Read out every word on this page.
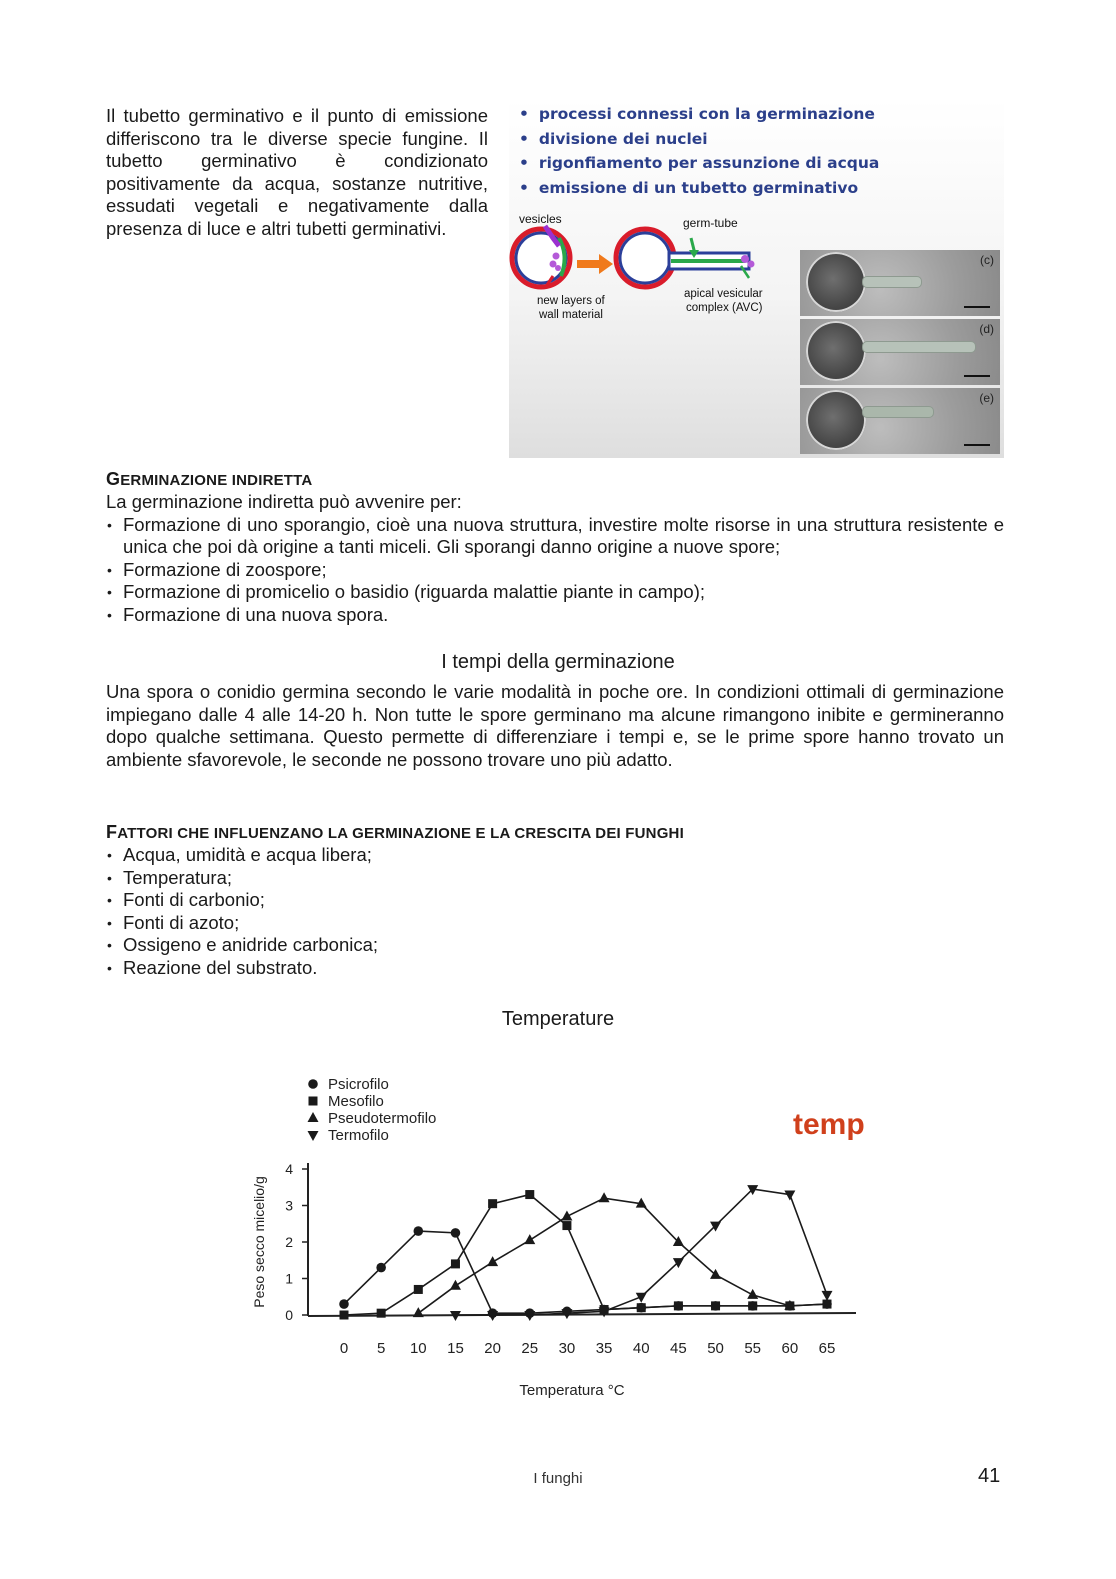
Il tubetto germinativo e il punto di emissione differiscono tra le diverse specie fungine. Il tubetto germinativo è condizionato positivamente da acqua, sostanze nutritive, essudati vegetali e negativamente dalla presenza di luce e altri tubetti germinativi.
• processi connessi con la germinazione
• divisione dei nuclei
• rigonfiamento per assunzione di acqua
• emissione di un tubetto germinativo
vesicles	germ-tube
new layers of
wall material
apical vesicular
complex (AVC)
(c)
(d)
(e)
GERMINAZIONE INDIRETTA
La germinazione indiretta può avvenire per:
• Formazione di uno sporangio, cioè una nuova struttura, investire molte risorse in una struttura resistente e unica che poi dà origine a tanti miceli. Gli sporangi danno origine a nuove spore;
• Formazione di zoospore;
• Formazione di promicelio o basidio (riguarda malattie piante in campo);
• Formazione di una nuova spora.
I tempi della germinazione
Una spora o conidio germina secondo le varie modalità in poche ore. In condizioni ottimali di germinazione impiegano dalle 4 alle 14-20 h. Non tutte le spore germinano ma alcune rimangono inibite e germineranno dopo qualche settimana. Questo permette di differenziare i tempi e, se le prime spore hanno trovato un ambiente sfavorevole, le seconde ne possono trovare uno più adatto.
FATTORI CHE INFLUENZANO LA GERMINAZIONE E LA CRESCITA DEI FUNGHI
• Acqua, umidità e acqua libera;
• Temperatura;
• Fonti di carbonio;
• Fonti di azoto;
• Ossigeno e anidride carbonica;
• Reazione del substrato.
Temperature
0
1
2
3
4
0 5 10 15 20 25 30 35 40 45 50 55 60 65
Temperatura °C
Peso secco micelio/g
Psicrofilo
Mesofilo
Pseudotermofilo
Termofilo	temp
I funghi	41
